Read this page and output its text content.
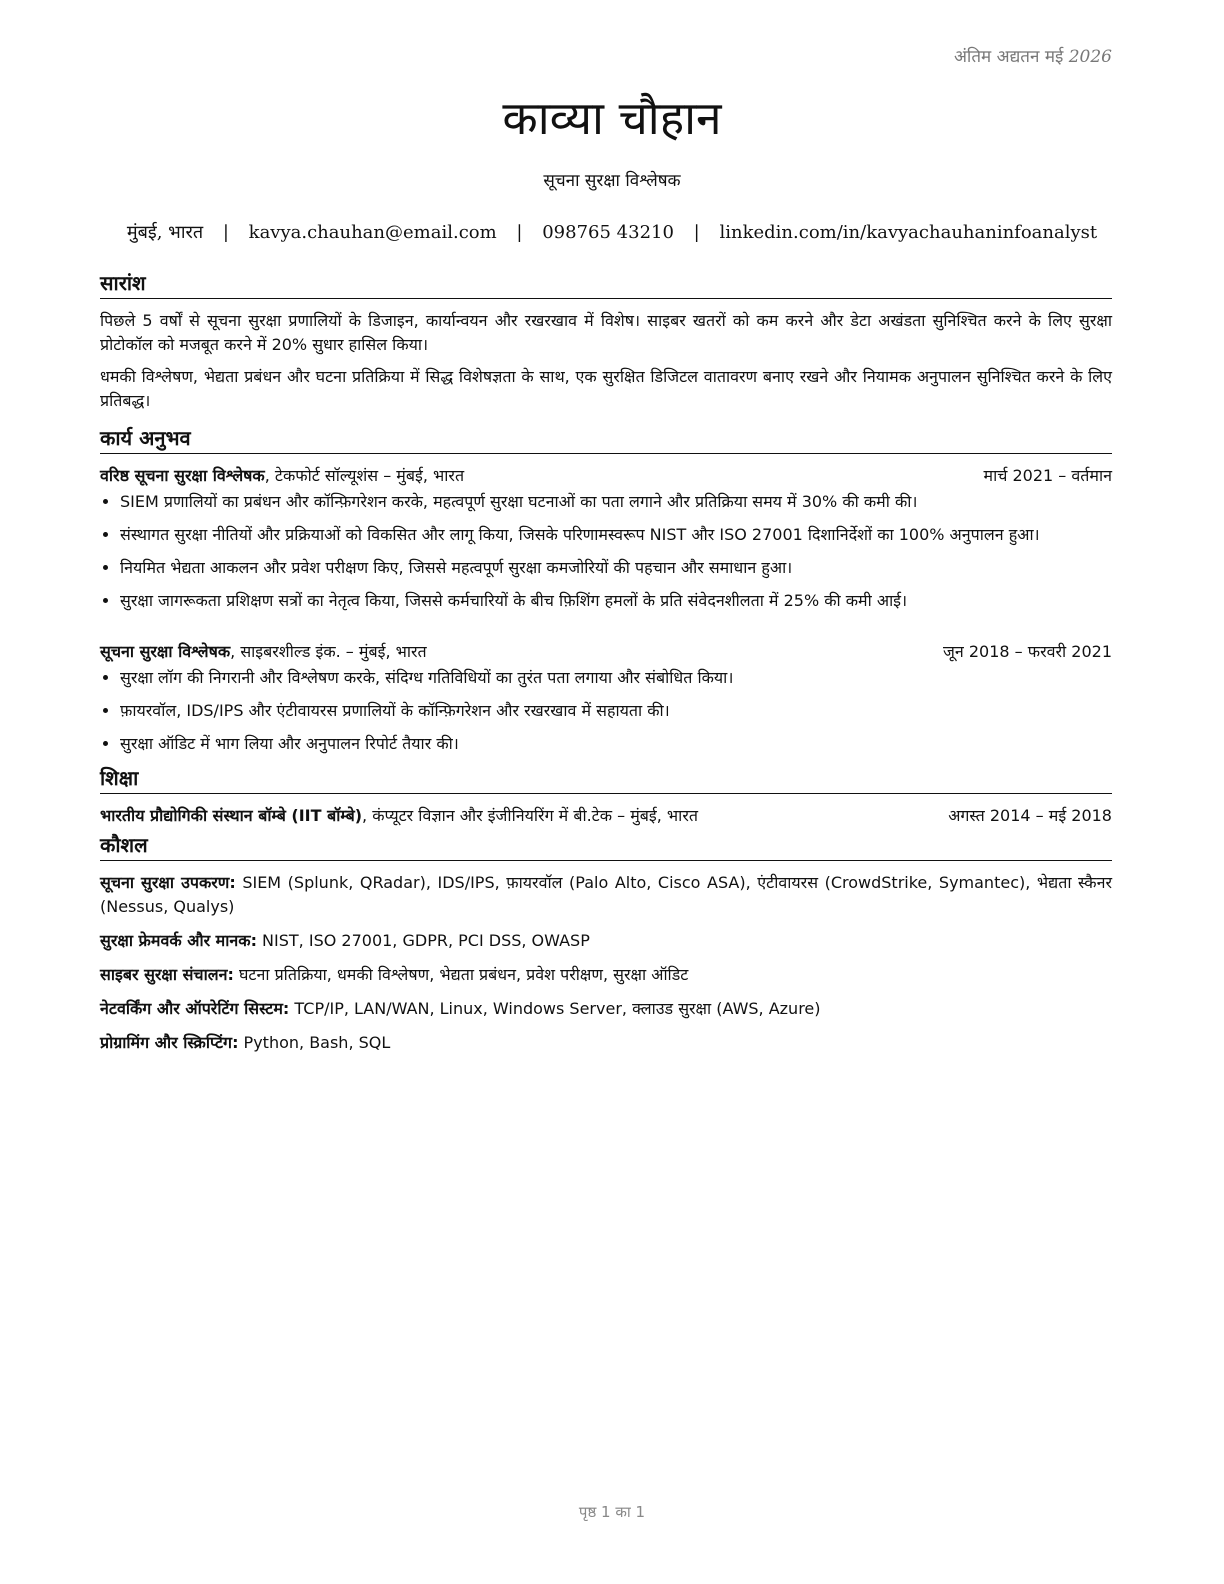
अंतिम अद्यतन मई 2026
काव्या चौहान
सूचना सुरक्षा विश्लेषक
मुंबई, भारत | kavya.chauhan@email.com | 098765 43210 | linkedin.com/in/kavyachauhaninfoanalyst
सारांश

पिछले 5 वर्षों से सूचना सुरक्षा प्रणालियों के डिजाइन, कार्यान्वयन और रखरखाव में विशेष। साइबर खतरों को कम करने और डेटा अखंडता सुनिश्चित करने के लिए सुरक्षा प्रोटोकॉल को मजबूत करने में 20% सुधार हासिल किया।

धमकी विश्लेषण, भेद्यता प्रबंधन और घटना प्रतिक्रिया में सिद्ध विशेषज्ञता के साथ, एक सुरक्षित डिजिटल वातावरण बनाए रखने और नियामक अनुपालन सुनिश्चित करने के लिए प्रतिबद्ध।

कार्य अनुभव
वरिष्ठ सूचना सुरक्षा विश्लेषक, टेकफोर्ट सॉल्यूशंस – मुंबई, भारत	मार्च 2021 – वर्तमान
• SIEM प्रणालियों का प्रबंधन और कॉन्फ़िगरेशन करके, महत्वपूर्ण सुरक्षा घटनाओं का पता लगाने और प्रतिक्रिया समय में 30% की कमी की।
• संस्थागत सुरक्षा नीतियों और प्रक्रियाओं को विकसित और लागू किया, जिसके परिणामस्वरूप NIST और ISO 27001 दिशानिर्देशों का 100% अनुपालन हुआ।
• नियमित भेद्यता आकलन और प्रवेश परीक्षण किए, जिससे महत्वपूर्ण सुरक्षा कमजोरियों की पहचान और समाधान हुआ।
• सुरक्षा जागरूकता प्रशिक्षण सत्रों का नेतृत्व किया, जिससे कर्मचारियों के बीच फ़िशिंग हमलों के प्रति संवेदनशीलता में 25% की कमी आई।
सूचना सुरक्षा विश्लेषक, साइबरशील्ड इंक. – मुंबई, भारत	जून 2018 – फरवरी 2021
• सुरक्षा लॉग की निगरानी और विश्लेषण करके, संदिग्ध गतिविधियों का तुरंत पता लगाया और संबोधित किया।
• फ़ायरवॉल, IDS/IPS और एंटीवायरस प्रणालियों के कॉन्फ़िगरेशन और रखरखाव में सहायता की।
• सुरक्षा ऑडिट में भाग लिया और अनुपालन रिपोर्ट तैयार की।
शिक्षा
भारतीय प्रौद्योगिकी संस्थान बॉम्बे (IIT बॉम्बे), कंप्यूटर विज्ञान और इंजीनियरिंग में बी.टेक – मुंबई, भारत	अगस्त 2014 – मई 2018
कौशल

सूचना सुरक्षा उपकरण: SIEM (Splunk, QRadar), IDS/IPS, फ़ायरवॉल (Palo Alto, Cisco ASA), एंटीवायरस (CrowdStrike, Symantec), भेद्यता स्कैनर (Nessus, Qualys)

सुरक्षा फ्रेमवर्क और मानक: NIST, ISO 27001, GDPR, PCI DSS, OWASP

साइबर सुरक्षा संचालन: घटना प्रतिक्रिया, धमकी विश्लेषण, भेद्यता प्रबंधन, प्रवेश परीक्षण, सुरक्षा ऑडिट

नेटवर्किंग और ऑपरेटिंग सिस्टम: TCP/IP, LAN/WAN, Linux, Windows Server, क्लाउड सुरक्षा (AWS, Azure)

प्रोग्रामिंग और स्क्रिप्टिंग: Python, Bash, SQL

पृष्ठ 1 का 1
